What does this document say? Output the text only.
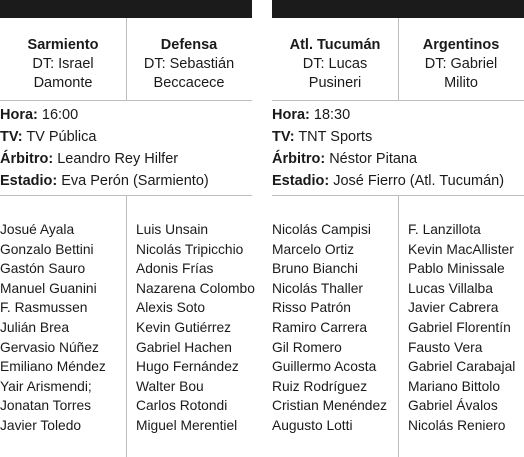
Sarmiento
DT: Israel
Damonte
Defensa
DT: Sebastián
Beccacece
Hora: 16:00
TV: TV Pública
Árbitro: Leandro Rey Hilfer
Estadio: Eva Perón (Sarmiento)
Josué Ayala
Gonzalo Bettini
Gastón Sauro
Manuel Guanini
F. Rasmussen
Julián Brea
Gervasio Núñez
Emiliano Méndez
Yair Arismendi;
Jonatan Torres
Javier Toledo
Luis Unsain
Nicolás Tripicchio
Adonis Frías
Nazarena Colombo
Alexis Soto
Kevin Gutiérrez
Gabriel Hachen
Hugo Fernández
Walter Bou
Carlos Rotondi
Miguel Merentiel
Atl. Tucumán
DT: Lucas
Pusineri
Argentinos
DT: Gabriel
Milito
Hora: 18:30
TV: TNT Sports
Árbitro: Néstor Pitana
Estadio: José Fierro (Atl. Tucumán)
Nicolás Campisi
Marcelo Ortiz
Bruno Bianchi
Nicolás Thaller
Risso Patrón
Ramiro Carrera
Gil Romero
Guillermo Acosta
Ruiz Rodríguez
Cristian Menéndez
Augusto Lotti
F. Lanzillota
Kevin MacAllister
Pablo Minissale
Lucas Villalba
Javier Cabrera
Gabriel Florentín
Fausto Vera
Gabriel Carabajal
Mariano Bittolo
Gabriel Ávalos
Nicolás Reniero
